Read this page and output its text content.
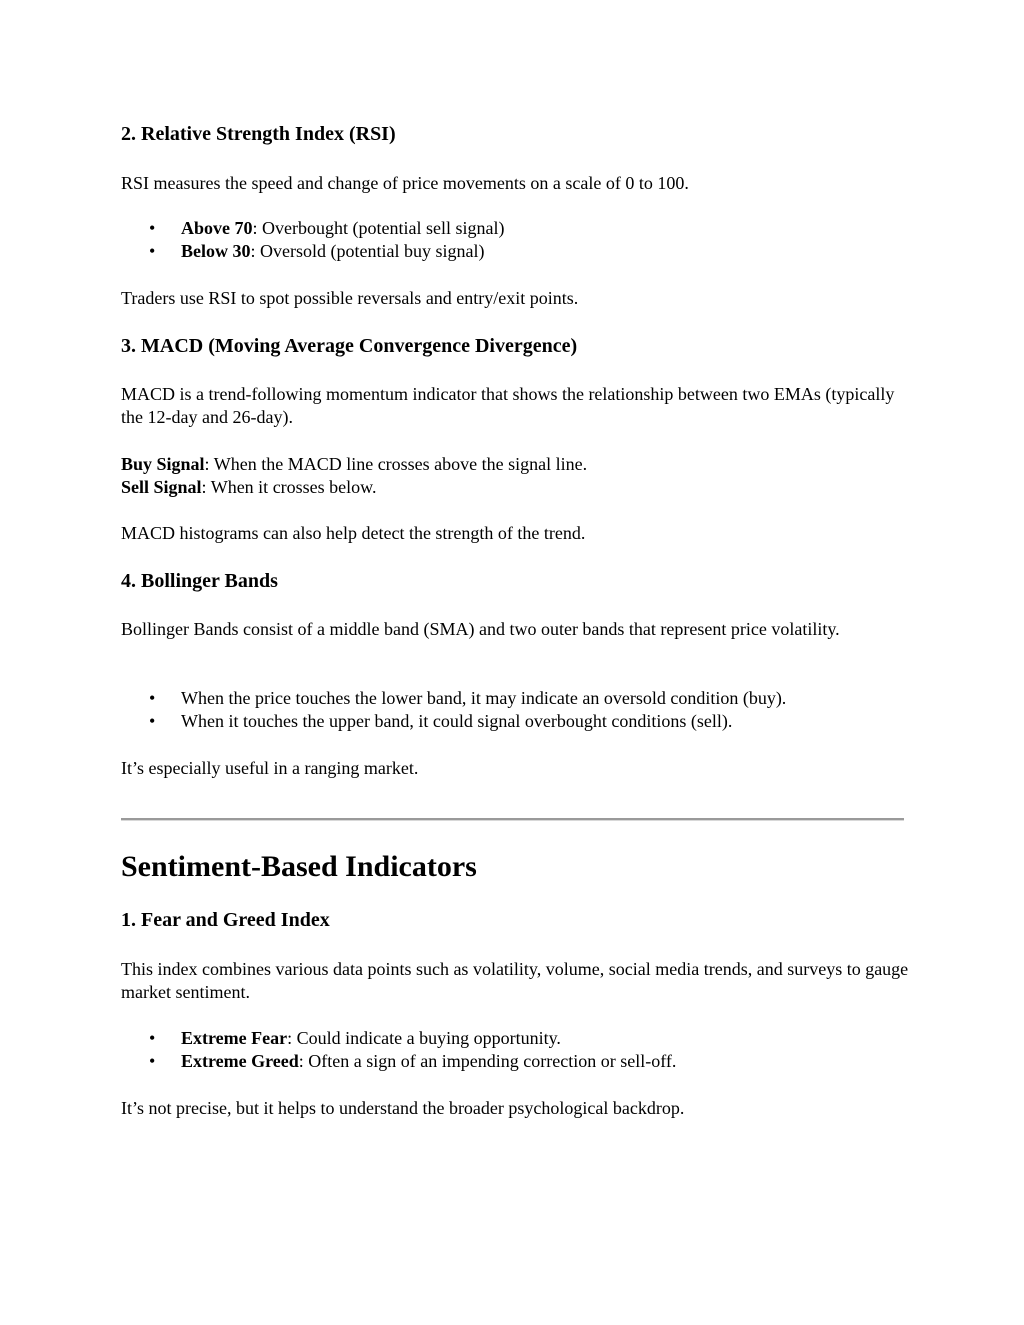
2. Relative Strength Index (RSI)

RSI measures the speed and change of price movements on a scale of 0 to 100.

• Above 70: Overbought (potential sell signal)
• Below 30: Oversold (potential buy signal)

Traders use RSI to spot possible reversals and entry/exit points.

3. MACD (Moving Average Convergence Divergence)

MACD is a trend-following momentum indicator that shows the relationship between two EMAs (typically the 12-day and 26-day).

Buy Signal: When the MACD line crosses above the signal line.
Sell Signal: When it crosses below.

MACD histograms can also help detect the strength of the trend.

4. Bollinger Bands

Bollinger Bands consist of a middle band (SMA) and two outer bands that represent price volatility.

• When the price touches the lower band, it may indicate an oversold condition (buy).
• When it touches the upper band, it could signal overbought conditions (sell).

It’s especially useful in a ranging market.

Sentiment-Based Indicators
1. Fear and Greed Index

This index combines various data points such as volatility, volume, social media trends, and surveys to gauge market sentiment.

• Extreme Fear: Could indicate a buying opportunity.
• Extreme Greed: Often a sign of an impending correction or sell-off.

It’s not precise, but it helps to understand the broader psychological backdrop.
